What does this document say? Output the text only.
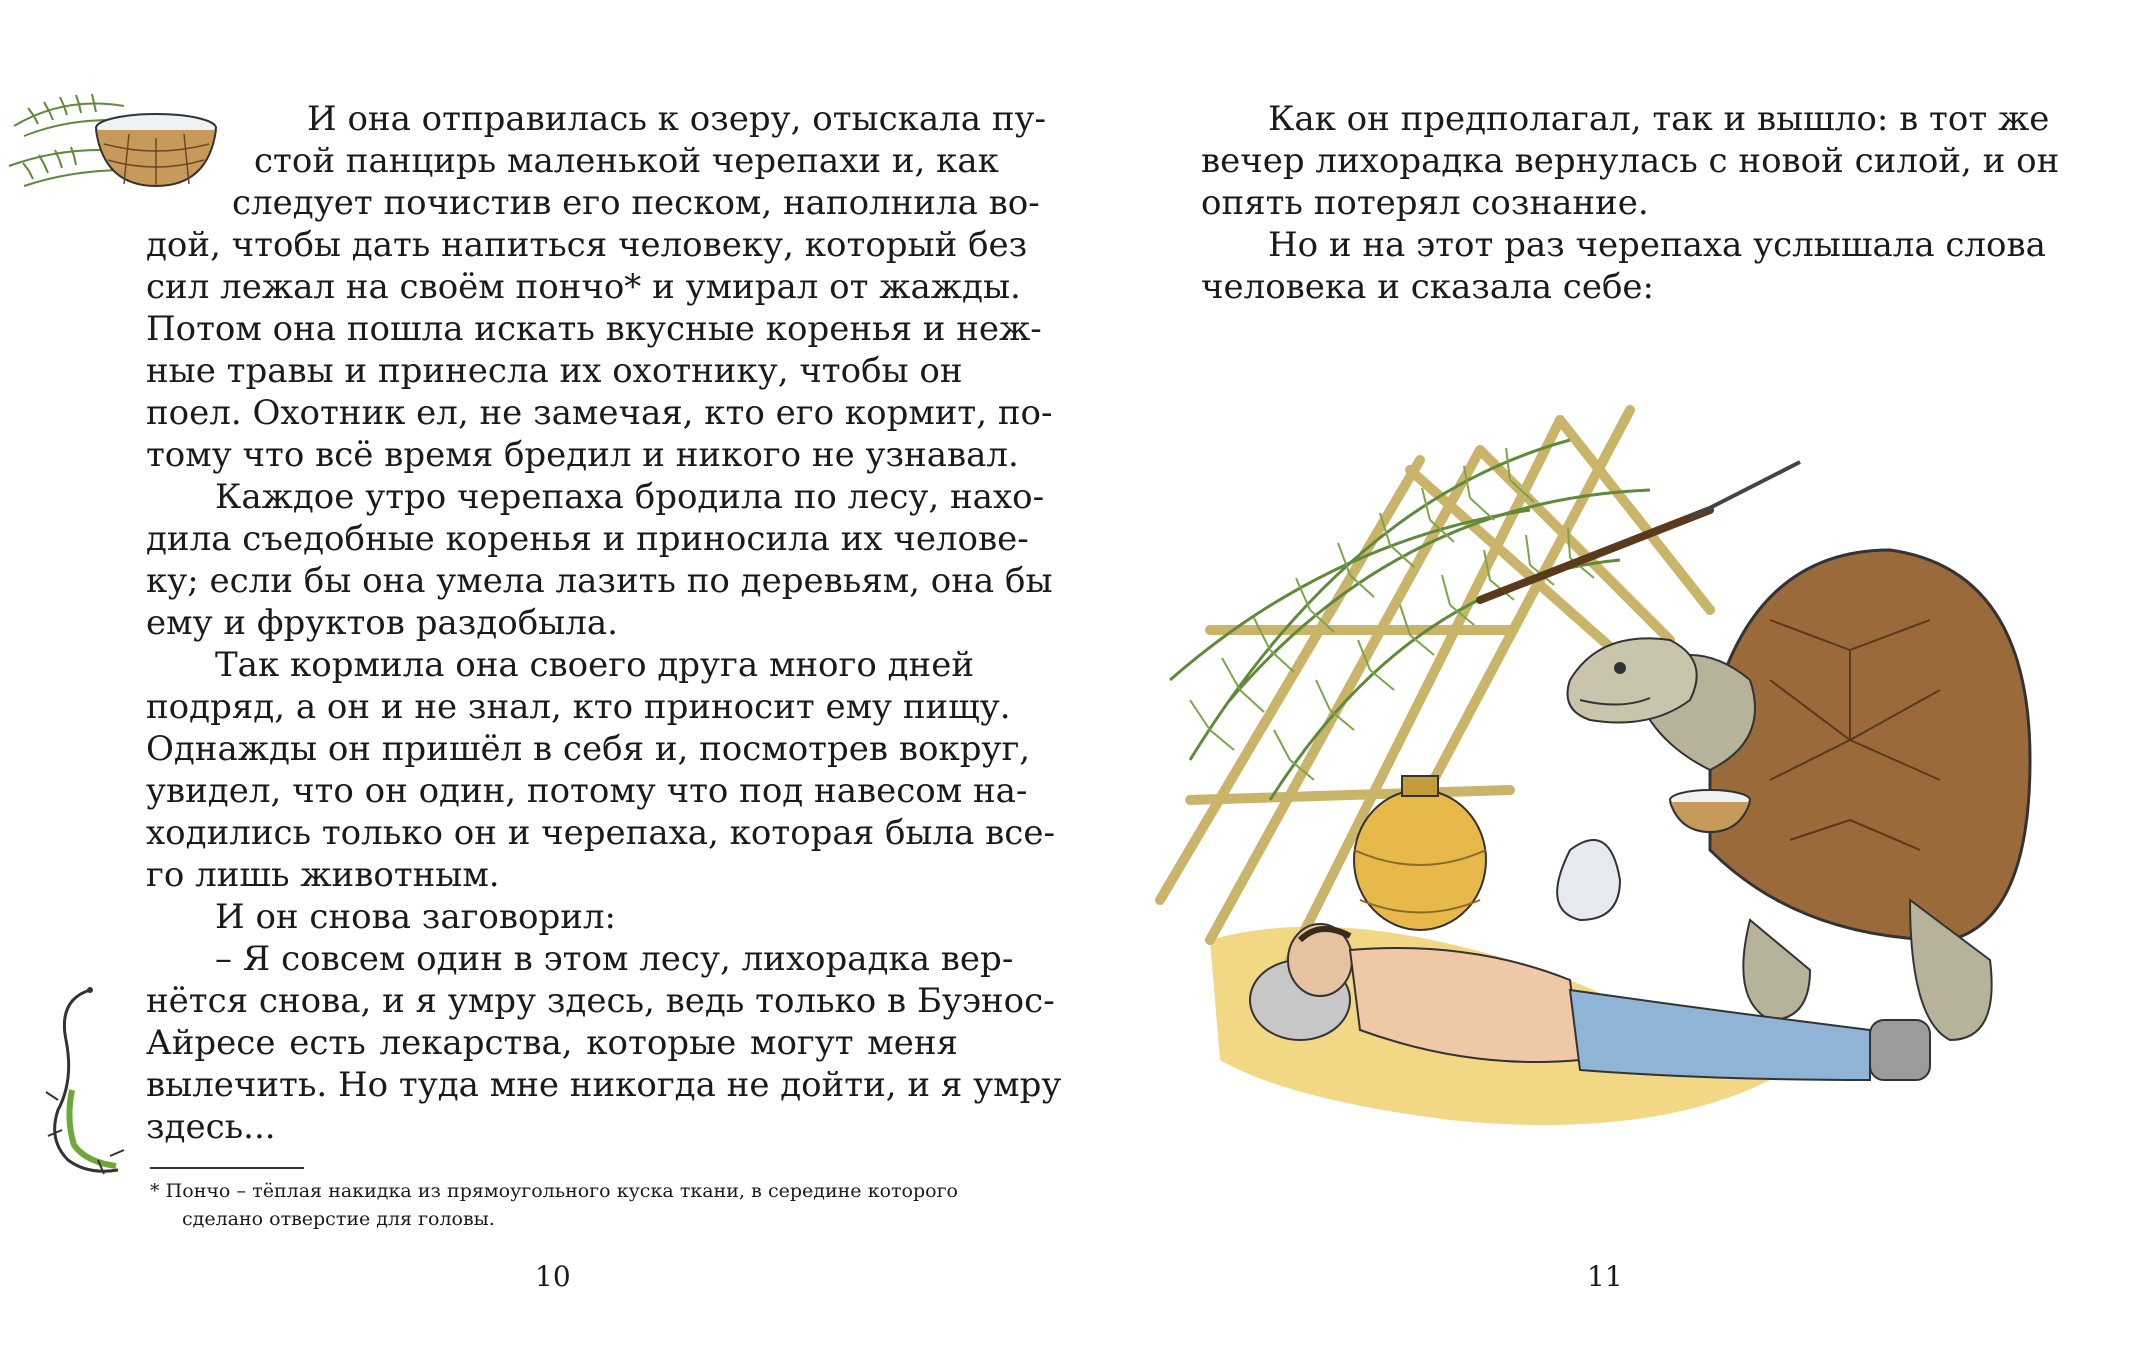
И она отправилась к озеру, отыскала пу-
стой панцирь маленькой черепахи и, как
следует почистив его песком, наполнила во-
дой, чтобы дать напиться человеку, который без
сил лежал на своём пончо* и умирал от жажды.
Потом она пошла искать вкусные коренья и неж-
ные травы и принесла их охотнику, чтобы он
поел. Охотник ел, не замечая, кто его кормит, по-
тому что всё время бредил и никого не узнавал.
Каждое утро черепаха бродила по лесу, нахо-
дила съедобные коренья и приносила их челове-
ку; если бы она умела лазить по деревьям, она бы
ему и фруктов раздобыла.
Так кормила она своего друга много дней
подряд, а он и не знал, кто приносит ему пищу.
Однажды он пришёл в себя и, посмотрев вокруг,
увидел, что он один, потому что под навесом на-
ходились только он и черепаха, которая была все-
го лишь животным.
И он снова заговорил:
– Я совсем один в этом лесу, лихорадка вер-
нётся снова, и я умру здесь, ведь только в Буэнос-
Айресе есть лекарства, которые могут меня
вылечить. Но туда мне никогда не дойти, и я умру
здесь...
* Пончо – тёплая накидка из прямоугольного куска ткани, в середине которого
сделано отверстие для головы.
10
Как он предполагал, так и вышло: в тот же
вечер лихорадка вернулась с новой силой, и он
опять потерял сознание.
Но и на этот раз черепаха услышала слова
человека и сказала себе:
11
